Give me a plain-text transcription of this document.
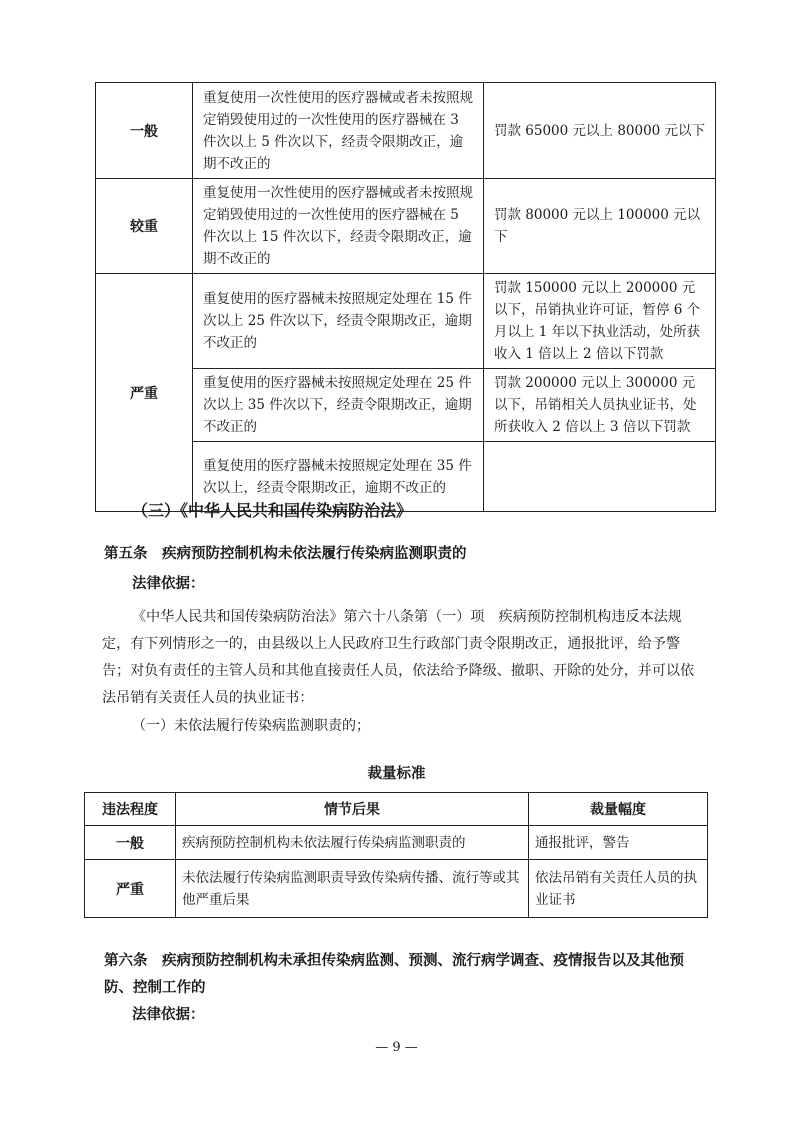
一般	重复使用一次性使用的医疗器械或者未按照规定销毁使用过的一次性使用的医疗器械在 3 件次以上 5 件次以下，经责令限期改正，逾期不改正的	罚款 65000 元以上 80000 元以下
较重	重复使用一次性使用的医疗器械或者未按照规定销毁使用过的一次性使用的医疗器械在 5 件次以上 15 件次以下，经责令限期改正，逾期不改正的	罚款 80000 元以上 100000 元以下
严重	重复使用的医疗器械未按照规定处理在 15 件次以上 25 件次以下，经责令限期改正，逾期不改正的	罚款 150000 元以上 200000 元以下，吊销执业许可证，暂停 6 个月以上 1 年以下执业活动，处所获收入 1 倍以上 2 倍以下罚款
	重复使用的医疗器械未按照规定处理在 25 件次以上 35 件次以下，经责令限期改正，逾期不改正的	罚款 200000 元以上 300000 元以下，吊销相关人员执业证书，处所获收入 2 倍以上 3 倍以下罚款
	重复使用的医疗器械未按照规定处理在 35 件次以上，经责令限期改正，逾期不改正的	
（三）《中华人民共和国传染病防治法》
第五条　疾病预防控制机构未依法履行传染病监测职责的
法律依据：
《中华人民共和国传染病防治法》第六十八条第（一）项　疾病预防控制机构违反本法规定，有下列情形之一的，由县级以上人民政府卫生行政部门责令限期改正，通报批评，给予警告；对负有责任的主管人员和其他直接责任人员，依法给予降级、撤职、开除的处分，并可以依法吊销有关责任人员的执业证书：
（一）未依法履行传染病监测职责的；
裁量标准
违法程度	情节后果	裁量幅度
一般	疾病预防控制机构未依法履行传染病监测职责的	通报批评，警告
严重	未依法履行传染病监测职责导致传染病传播、流行等或其他严重后果	依法吊销有关责任人员的执业证书
第六条　疾病预防控制机构未承担传染病监测、预测、流行病学调查、疫情报告以及其他预防、控制工作的
法律依据：
— 9 —
